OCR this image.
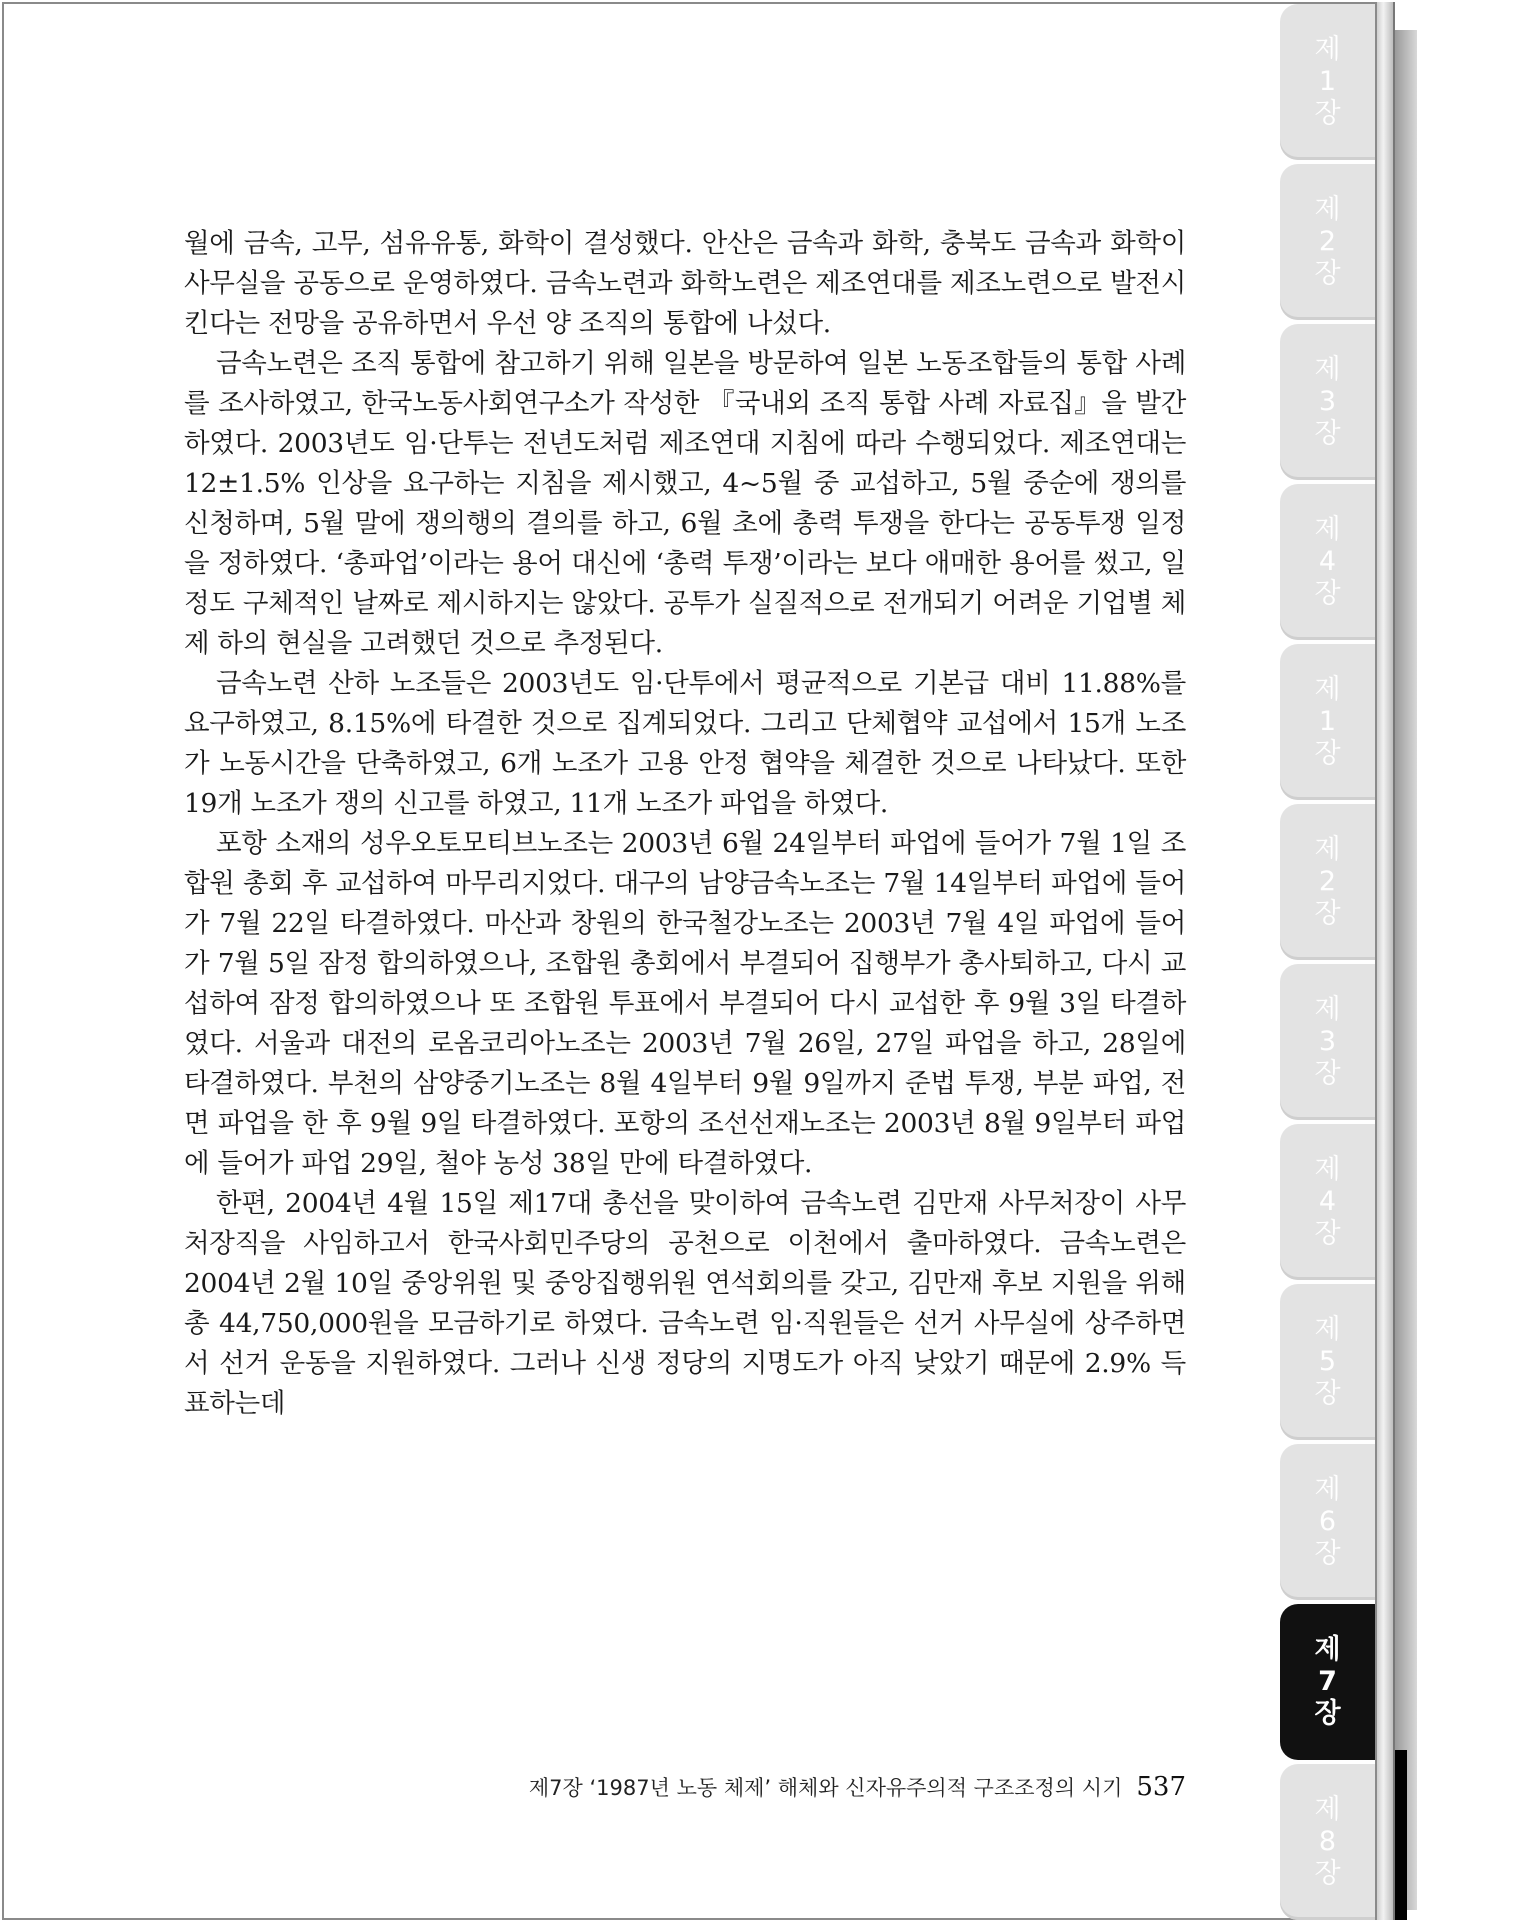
제1장
제2장
제3장
제4장
제1장
제2장
제3장
제4장
제5장
제6장
제7장
제8장

월에 금속, 고무, 섬유유통, 화학이 결성했다. 안산은 금속과 화학, 충북도 금속과 화학이 사무실을 공동으로 운영하였다. 금속노련과 화학노련은 제조연대를 제조노련으로 발전시킨다는 전망을 공유하면서 우선 양 조직의 통합에 나섰다.

금속노련은 조직 통합에 참고하기 위해 일본을 방문하여 일본 노동조합들의 통합 사례를 조사하였고, 한국노동사회연구소가 작성한 『국내외 조직 통합 사례 자료집』을 발간하였다. 2003년도 임·단투는 전년도처럼 제조연대 지침에 따라 수행되었다. 제조연대는 12±1.5% 인상을 요구하는 지침을 제시했고, 4~5월 중 교섭하고, 5월 중순에 쟁의를 신청하며, 5월 말에 쟁의행의 결의를 하고, 6월 초에 총력 투쟁을 한다는 공동투쟁 일정을 정하였다. ‘총파업’이라는 용어 대신에 ‘총력 투쟁’이라는 보다 애매한 용어를 썼고, 일정도 구체적인 날짜로 제시하지는 않았다. 공투가 실질적으로 전개되기 어려운 기업별 체제 하의 현실을 고려했던 것으로 추정된다.

금속노련 산하 노조들은 2003년도 임·단투에서 평균적으로 기본급 대비 11.88%를 요구하였고, 8.15%에 타결한 것으로 집계되었다. 그리고 단체협약 교섭에서 15개 노조가 노동시간을 단축하였고, 6개 노조가 고용 안정 협약을 체결한 것으로 나타났다. 또한 19개 노조가 쟁의 신고를 하였고, 11개 노조가 파업을 하였다.

포항 소재의 성우오토모티브노조는 2003년 6월 24일부터 파업에 들어가 7월 1일 조합원 총회 후 교섭하여 마무리지었다. 대구의 남양금속노조는 7월 14일부터 파업에 들어가 7월 22일 타결하였다. 마산과 창원의 한국철강노조는 2003년 7월 4일 파업에 들어가 7월 5일 잠정 합의하였으나, 조합원 총회에서 부결되어 집행부가 총사퇴하고, 다시 교섭하여 잠정 합의하였으나 또 조합원 투표에서 부결되어 다시 교섭한 후 9월 3일 타결하였다. 서울과 대전의 로옴코리아노조는 2003년 7월 26일, 27일 파업을 하고, 28일에 타결하였다. 부천의 삼양중기노조는 8월 4일부터 9월 9일까지 준법 투쟁, 부분 파업, 전면 파업을 한 후 9월 9일 타결하였다. 포항의 조선선재노조는 2003년 8월 9일부터 파업에 들어가 파업 29일, 철야 농성 38일 만에 타결하였다.

한편, 2004년 4월 15일 제17대 총선을 맞이하여 금속노련 김만재 사무처장이 사무처장직을 사임하고서 한국사회민주당의 공천으로 이천에서 출마하였다. 금속노련은 2004년 2월 10일 중앙위원 및 중앙집행위원 연석회의를 갖고, 김만재 후보 지원을 위해 총 44,750,000원을 모금하기로 하였다. 금속노련 임·직원들은 선거 사무실에 상주하면서 선거 운동을 지원하였다. 그러나 신생 정당의 지명도가 아직 낮았기 때문에 2.9% 득표하는데

제7장 ‘1987년 노동 체제’ 해체와 신자유주의적 구조조정의 시기 537
